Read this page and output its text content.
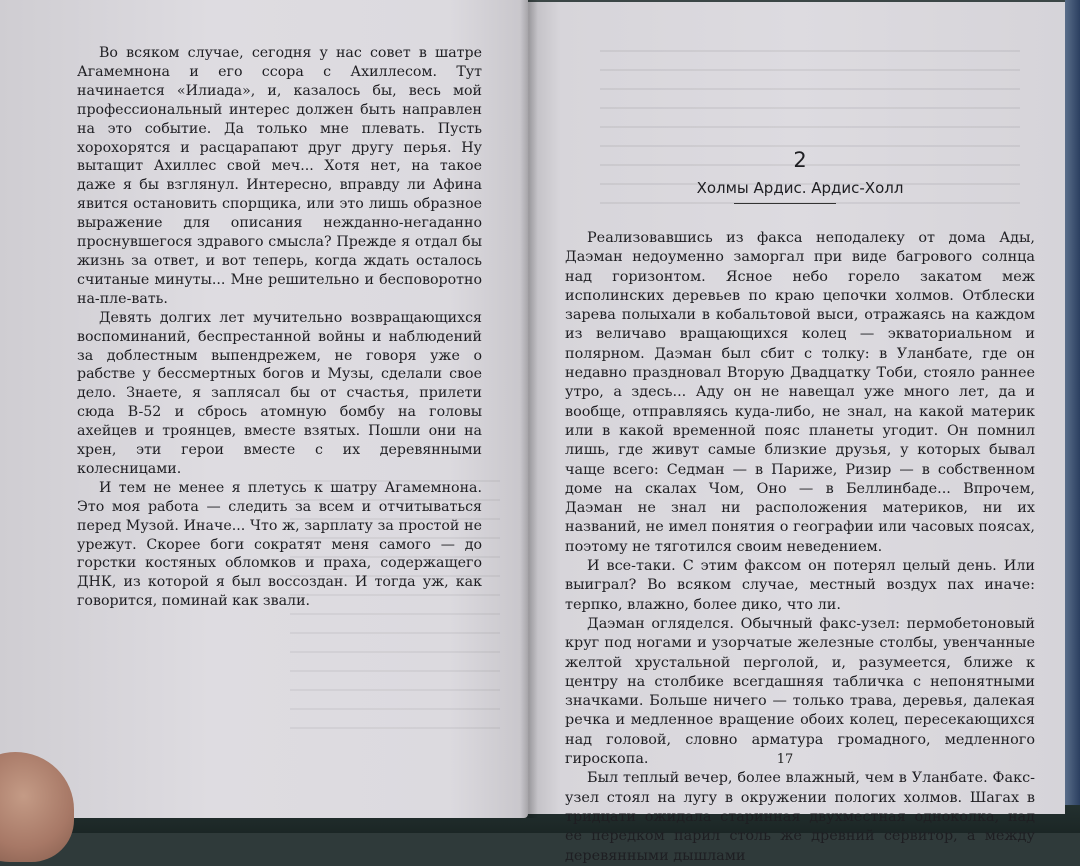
Во всяком случае, сегодня у нас совет в шатре Агамемнона и его ссора с Ахиллесом. Тут начинается «Илиада», и, казалось бы, весь мой профессиональный интерес должен быть направлен на это событие. Да только мне плевать. Пусть хорохорятся и расцарапают друг другу перья. Ну вытащит Ахиллес свой меч... Хотя нет, на такое даже я бы взглянул. Интересно, вправду ли Афина явится остановить спорщика, или это лишь образное выражение для описания нежданно-негаданно проснувшегося здравого смысла? Прежде я отдал бы жизнь за ответ, и вот теперь, когда ждать осталось считаные минуты... Мне решительно и бесповоротно на-пле-вать.

Девять долгих лет мучительно возвращающихся воспоминаний, беспрестанной войны и наблюдений за доблестным выпендрежем, не говоря уже о рабстве у бессмертных богов и Музы, сделали свое дело. Знаете, я заплясал бы от счастья, прилети сюда B-52 и сбрось атомную бомбу на головы ахейцев и троянцев, вместе взятых. Пошли они на хрен, эти герои вместе с их деревянными колесницами.

И тем не менее я плетусь к шатру Агамемнона. Это моя работа — следить за всем и отчитываться перед Музой. Иначе... Что ж, зарплату за простой не урежут. Скорее боги сократят меня самого — до горстки костяных обломков и праха, содержащего ДНК, из которой я был воссоздан. И тогда уж, как говорится, поминай как звали.

2
Холмы Ардис. Ардис-Холл

Реализовавшись из факса неподалеку от дома Ады, Даэман недоуменно заморгал при виде багрового солнца над горизонтом. Ясное небо горело закатом меж исполинских деревьев по краю цепочки холмов. Отблески зарева полыхали в кобальтовой выси, отражаясь на каждом из величаво вращающихся колец — экваториальном и полярном. Даэман был сбит с толку: в Уланбате, где он недавно праздновал Вторую Двадцатку Тоби, стояло раннее утро, а здесь... Аду он не навещал уже много лет, да и вообще, отправляясь куда-либо, не знал, на какой материк или в какой временной пояс планеты угодит. Он помнил лишь, где живут самые близкие друзья, у которых бывал чаще всего: Седман — в Париже, Ризир — в собственном доме на скалах Чом, Оно — в Беллинбаде... Впрочем, Даэман не знал ни расположения материков, ни их названий, не имел понятия о географии или часовых поясах, поэтому не тяготился своим неведением.

И все-таки. С этим факсом он потерял целый день. Или выиграл? Во всяком случае, местный воздух пах иначе: терпко, влажно, более дико, что ли.

Даэман огляделся. Обычный факс-узел: пермобетоновый круг под ногами и узорчатые железные столбы, увенчанные желтой хрустальной перголой, и, разумеется, ближе к центру на столбике всегдашняя табличка с непонятными значками. Больше ничего — только трава, деревья, далекая речка и медленное вращение обоих колец, пересекающихся над головой, словно арматура громадного, медленного гироскопа.

Был теплый вечер, более влажный, чем в Уланбате. Факс-узел стоял на лугу в окружении пологих холмов. Шагах в тридцати ожидала старинная двухместная одноколка, над ее передком парил столь же древний сервитор, а между деревянными дышлами

17
